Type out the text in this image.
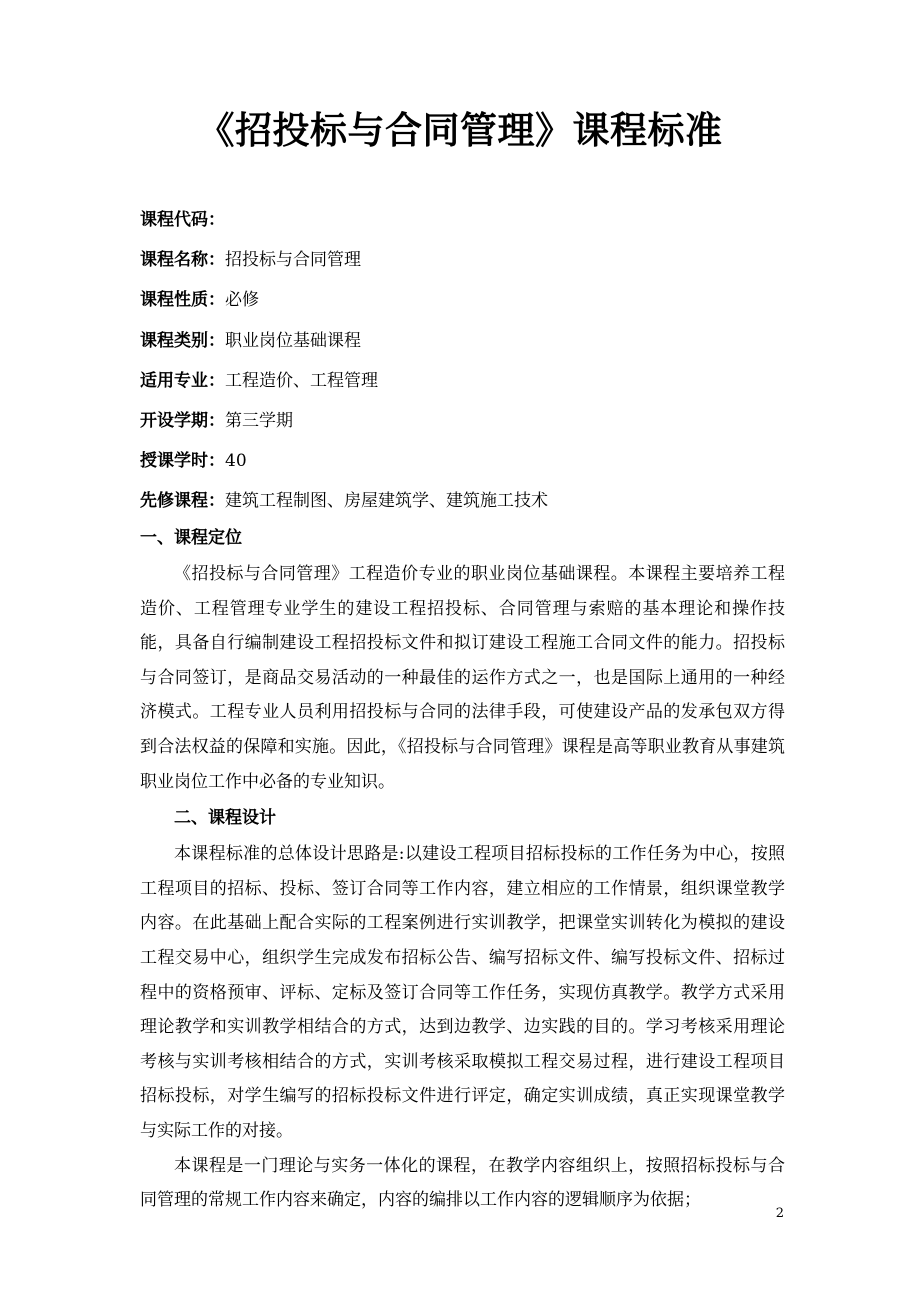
《招投标与合同管理》课程标准
课程代码：
课程名称：招投标与合同管理
课程性质：必修
课程类别：职业岗位基础课程
适用专业：工程造价、工程管理
开设学期：第三学期
授课学时：40
先修课程：建筑工程制图、房屋建筑学、建筑施工技术
一、课程定位

《招投标与合同管理》工程造价专业的职业岗位基础课程。本课程主要培养工程造价、工程管理专业学生的建设工程招投标、合同管理与索赔的基本理论和操作技能，具备自行编制建设工程招投标文件和拟订建设工程施工合同文件的能力。招投标与合同签订，是商品交易活动的一种最佳的运作方式之一，也是国际上通用的一种经济模式。工程专业人员利用招投标与合同的法律手段，可使建设产品的发承包双方得到合法权益的保障和实施。因此，《招投标与合同管理》课程是高等职业教育从事建筑职业岗位工作中必备的专业知识。

二、课程设计

本课程标准的总体设计思路是:以建设工程项目招标投标的工作任务为中心，按照工程项目的招标、投标、签订合同等工作内容，建立相应的工作情景，组织课堂教学内容。在此基础上配合实际的工程案例进行实训教学，把课堂实训转化为模拟的建设工程交易中心，组织学生完成发布招标公告、编写招标文件、编写投标文件、招标过程中的资格预审、评标、定标及签订合同等工作任务，实现仿真教学。教学方式采用理论教学和实训教学相结合的方式，达到边教学、边实践的目的。学习考核采用理论考核与实训考核相结合的方式，实训考核采取模拟工程交易过程，进行建设工程项目招标投标，对学生编写的招标投标文件进行评定，确定实训成绩，真正实现课堂教学与实际工作的对接。

本课程是一门理论与实务一体化的课程，在教学内容组织上，按照招标投标与合同管理的常规工作内容来确定，内容的编排以工作内容的逻辑顺序为依据；

2
